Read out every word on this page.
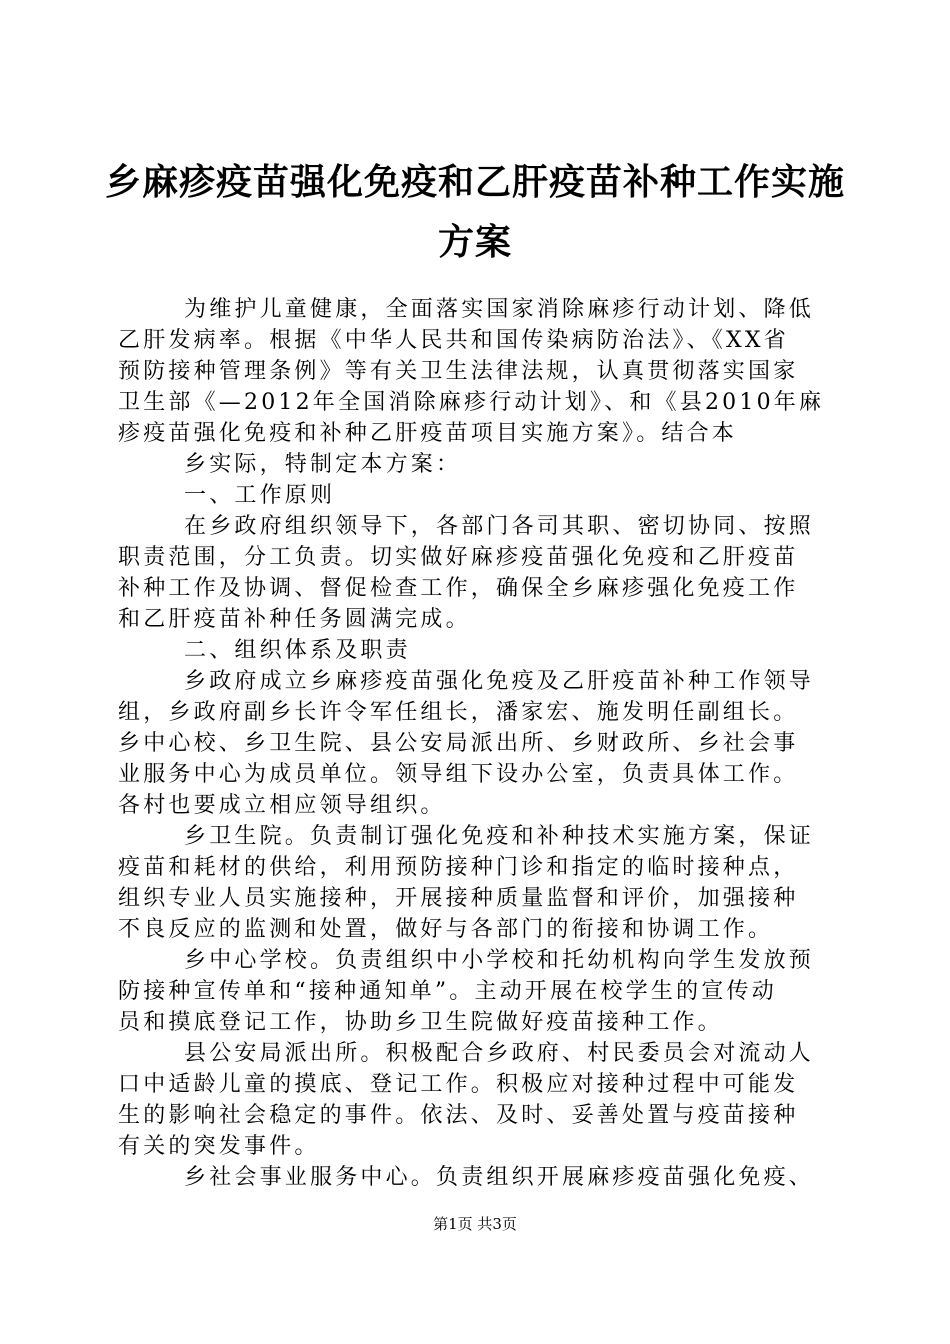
乡麻疹疫苗强化免疫和乙肝疫苗补种工作实施
方案
为维护儿童健康，全面落实国家消除麻疹行动计划、降低
乙肝发病率。根据《中华人民共和国传染病防治法》、《XX省
预防接种管理条例》等有关卫生法律法规，认真贯彻落实国家
卫生部《—2012年全国消除麻疹行动计划》、和《县2010年麻
疹疫苗强化免疫和补种乙肝疫苗项目实施方案》。结合本
乡实际，特制定本方案：
一、工作原则
在乡政府组织领导下，各部门各司其职、密切协同、按照
职责范围，分工负责。切实做好麻疹疫苗强化免疫和乙肝疫苗
补种工作及协调、督促检查工作，确保全乡麻疹强化免疫工作
和乙肝疫苗补种任务圆满完成。
二、组织体系及职责
乡政府成立乡麻疹疫苗强化免疫及乙肝疫苗补种工作领导
组，乡政府副乡长许令军任组长，潘家宏、施发明任副组长。
乡中心校、乡卫生院、县公安局派出所、乡财政所、乡社会事
业服务中心为成员单位。领导组下设办公室，负责具体工作。
各村也要成立相应领导组织。
乡卫生院。负责制订强化免疫和补种技术实施方案，保证
疫苗和耗材的供给，利用预防接种门诊和指定的临时接种点，
组织专业人员实施接种，开展接种质量监督和评价，加强接种
不良反应的监测和处置，做好与各部门的衔接和协调工作。
乡中心学校。负责组织中小学校和托幼机构向学生发放预
防接种宣传单和“接种通知单”。主动开展在校学生的宣传动
员和摸底登记工作，协助乡卫生院做好疫苗接种工作。
县公安局派出所。积极配合乡政府、村民委员会对流动人
口中适龄儿童的摸底、登记工作。积极应对接种过程中可能发
生的影响社会稳定的事件。依法、及时、妥善处置与疫苗接种
有关的突发事件。
乡社会事业服务中心。负责组织开展麻疹疫苗强化免疫、
第1页 共3页
